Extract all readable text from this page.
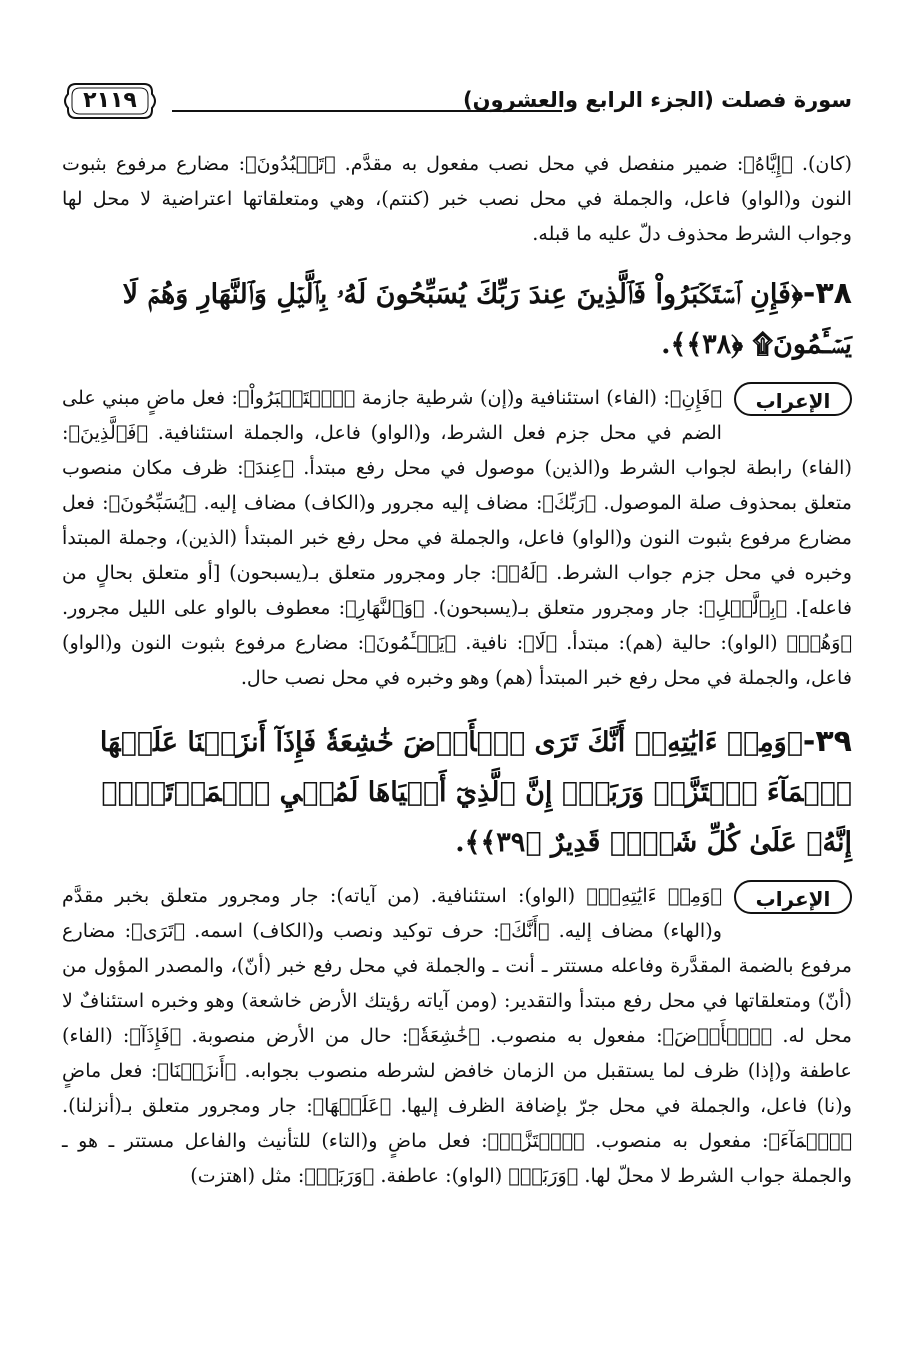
سورة فصلت (الجزء الرابع والعشرون)
٢١١٩

(كان). ﴿إِيَّاهُ﴾: ضمير منفصل في محل نصب مفعول به مقدَّم. ﴿تَعۡبُدُونَ﴾: مضارع مرفوع بثبوت النون و(الواو) فاعل، والجملة في محل نصب خبر (كنتم)، وهي ومتعلقاتها اعتراضية لا محل لها وجواب الشرط محذوف دلّ عليه ما قبله.

٣٨-﴿فَإِنِ ٱسۡتَكۡبَرُواْ فَٱلَّذِينَ عِندَ رَبِّكَ يُسَبِّحُونَ لَهُۥ بِٱلَّيۡلِ وَٱلنَّهَارِ وَهُمۡ لَا يَسۡـَٔمُونَ۩ ﴿٣٨﴾﴾.

الإعراب

﴿فَإِنِ﴾: (الفاء) استئنافية و(إن) شرطية جازمة ﴿ٱسۡتَكۡبَرُواْ﴾: فعل ماضٍ مبني على الضم في محل جزم فعل الشرط، و(الواو) فاعل، والجملة استئنافية. ﴿فَٱلَّذِينَ﴾: (الفاء) رابطة لجواب الشرط و(الذين) موصول في محل رفع مبتدأ. ﴿عِندَ﴾: ظرف مكان منصوب متعلق بمحذوف صلة الموصول. ﴿رَبِّكَ﴾: مضاف إليه مجرور و(الكاف) مضاف إليه. ﴿يُسَبِّحُونَ﴾: فعل مضارع مرفوع بثبوت النون و(الواو) فاعل، والجملة في محل رفع خبر المبتدأ (الذين)، وجملة المبتدأ وخبره في محل جزم جواب الشرط. ﴿لَهُۥ﴾: جار ومجرور متعلق بـ(يسبحون) [أو متعلق بحالٍ من فاعله]. ﴿بِٱلَّيۡلِ﴾: جار ومجرور متعلق بـ(يسبحون). ﴿وَٱلنَّهَارِ﴾: معطوف بالواو على الليل مجرور. ﴿وَهُمۡ﴾ (الواو): حالية (هم): مبتدأ. ﴿لَا﴾: نافية. ﴿يَسۡـَٔمُونَ﴾: مضارع مرفوع بثبوت النون و(الواو) فاعل، والجملة في محل رفع خبر المبتدأ (هم) وهو وخبره في محل نصب حال.

٣٩-﴿وَمِنۡ ءَايَٰتِهِۦٓ أَنَّكَ تَرَى ٱلۡأَرۡضَ خَٰشِعَةٗ فَإِذَآ أَنزَلۡنَا عَلَيۡهَا ٱلۡمَآءَ ٱهۡتَزَّتۡ وَرَبَتۡۚ إِنَّ ٱلَّذِيٓ أَحۡيَاهَا لَمُحۡيِ ٱلۡمَوۡتَىٰٓۚ إِنَّهُۥ عَلَىٰ كُلِّ شَيۡءٖ قَدِيرٌ ﴿٣٩﴾﴾.

الإعراب

﴿وَمِنۡ ءَايَٰتِهِۦٓ﴾ (الواو): استئنافية. (من آياته): جار ومجرور متعلق بخبر مقدَّم و(الهاء) مضاف إليه. ﴿أَنَّكَ﴾: حرف توكيد ونصب و(الكاف) اسمه. ﴿تَرَى﴾: مضارع مرفوع بالضمة المقدَّرة وفاعله مستتر ـ أنت ـ والجملة في محل رفع خبر (أنّ)، والمصدر المؤول من (أنّ) ومتعلقاتها في محل رفع مبتدأ والتقدير: (ومن آياته رؤيتك الأرض خاشعة) وهو وخبره استئنافٌ لا محل له. ﴿ٱلۡأَرۡضَ﴾: مفعول به منصوب. ﴿خَٰشِعَةٗ﴾: حال من الأرض منصوبة. ﴿فَإِذَآ﴾: (الفاء) عاطفة و(إذا) ظرف لما يستقبل من الزمان خافض لشرطه منصوب بجوابه. ﴿أَنزَلۡنَا﴾: فعل ماضٍ و(نا) فاعل، والجملة في محل جرّ بإضافة الظرف إليها. ﴿عَلَيۡهَا﴾: جار ومجرور متعلق بـ(أنزلنا). ﴿ٱلۡمَآءَ﴾: مفعول به منصوب. ﴿ٱهۡتَزَّتۡ﴾: فعل ماضٍ و(التاء) للتأنيث والفاعل مستتر ـ هو ـ والجملة جواب الشرط لا محلّ لها. ﴿وَرَبَتۡ﴾ (الواو): عاطفة. ﴿وَرَبَتۡ﴾: مثل (اهتزت)
